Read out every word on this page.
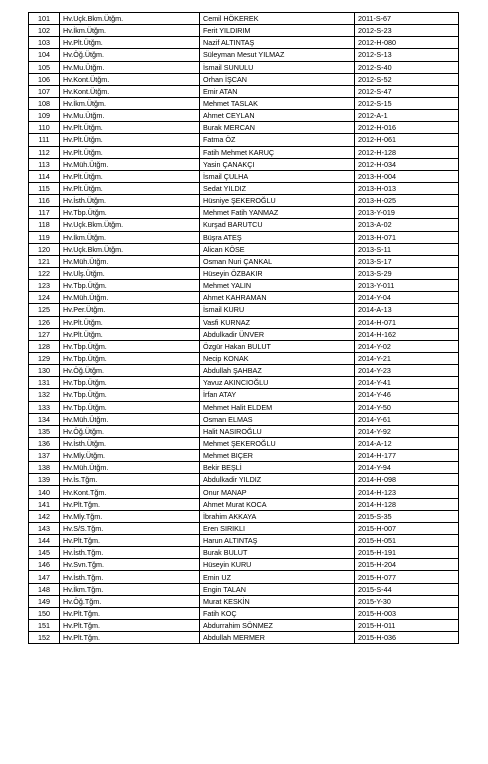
101	Hv.Uçk.Bkm.Ütğm.	Cemil HÖKEREK	2011-S-67
102	Hv.İkm.Ütğm.	Ferit YILDIRIM	2012-S-23
103	Hv.Plt.Ütğm.	Nazif ALTINTAŞ	2012-H-080
104	Hv.Öğ.Ütğm.	Süleyman Mesut YILMAZ	2012-S-13
105	Hv.Mu.Ütğm.	İsmail SUNULU	2012-S-40
106	Hv.Kont.Ütğm.	Orhan İŞCAN	2012-S-52
107	Hv.Kont.Ütğm.	Emir ATAN	2012-S-47
108	Hv.İkm.Ütğm.	Mehmet TASLAK	2012-S-15
109	Hv.Mu.Ütğm.	Ahmet CEYLAN	2012-A-1
110	Hv.Plt.Ütğm.	Burak MERCAN	2012-H-016
111	Hv.Plt.Ütğm.	Fatma ÖZ	2012-H-061
112	Hv.Plt.Ütğm.	Fatih Mehmet KARUÇ	2012-H-128
113	Hv.Müh.Ütğm.	Yasin ÇANAKÇI	2012-H-034
114	Hv.Plt.Ütğm.	İsmail ÇULHA	2013-H-004
115	Hv.Plt.Ütğm.	Sedat YILDIZ	2013-H-013
116	Hv.İsth.Ütğm.	Hüsniye ŞEKEROĞLU	2013-H-025
117	Hv.Tbp.Ütğm.	Mehmet Fatih YANMAZ	2013-Y-019
118	Hv.Uçk.Bkm.Ütğm.	Kurşad BARUTCU	2013-A-02
119	Hv.İkm.Ütğm.	Büşra ATEŞ	2013-H-071
120	Hv.Uçk.Bkm.Ütğm.	Alican KÖSE	2013-S-11
121	Hv.Müh.Ütğm.	Osman Nuri ÇANKAL	2013-S-17
122	Hv.Ulş.Ütğm.	Hüseyin ÖZBAKIR	2013-S-29
123	Hv.Tbp.Ütğm.	Mehmet YALIN	2013-Y-011
124	Hv.Müh.Ütğm.	Ahmet KAHRAMAN	2014-Y-04
125	Hv.Per.Ütğm.	İsmail KURU	2014-A-13
126	Hv.Plt.Ütğm.	Vasfi KURNAZ	2014-H-071
127	Hv.Plt.Ütğm.	Abdulkadir ÜNVER	2014-H-162
128	Hv.Tbp.Ütğm.	Özgür Hakan BULUT	2014-Y-02
129	Hv.Tbp.Ütğm.	Necip KONAK	2014-Y-21
130	Hv.Öğ.Ütğm.	Abdullah ŞAHBAZ	2014-Y-23
131	Hv.Tbp.Ütğm.	Yavuz AKINCIOĞLU	2014-Y-41
132	Hv.Tbp.Ütğm.	İrfan ATAY	2014-Y-46
133	Hv.Tbp.Ütğm.	Mehmet Halit ELDEM	2014-Y-50
134	Hv.Müh.Ütğm.	Osman ELMAS	2014-Y-61
135	Hv.Öğ.Ütğm.	Halit NASIROĞLU	2014-Y-92
136	Hv.İsth.Ütğm.	Mehmet ŞEKEROĞLU	2014-A-12
137	Hv.Mly.Ütğm.	Mehmet BIÇER	2014-H-177
138	Hv.Müh.Ütğm.	Bekir BEŞLİ	2014-Y-94
139	Hv.İs.Tğm.	Abdulkadir YILDIZ	2014-H-098
140	Hv.Kont.Tğm.	Onur MANAP	2014-H-123
141	Hv.Plt.Tğm.	Ahmet Murat KOCA	2014-H-128
142	Hv.Mly.Tğm.	İbrahim AKKAYA	2015-S-35
143	Hv.S/S.Tğm.	Eren SIRIKLI	2015-H-007
144	Hv.Plt.Tğm.	Harun ALTINTAŞ	2015-H-051
145	Hv.İsth.Tğm.	Burak BULUT	2015-H-191
146	Hv.Svn.Tğm.	Hüseyin KURU	2015-H-204
147	Hv.İsth.Tğm.	Emin UZ	2015-H-077
148	Hv.İkm.Tğm.	Engin TALAN	2015-S-44
149	Hv.Öğ.Tğm.	Murat KESKİN	2015-Y-30
150	Hv.Plt.Tğm.	Fatih KOÇ	2015-H-003
151	Hv.Plt.Tğm.	Abdurrahim SÖNMEZ	2015-H-011
152	Hv.Plt.Tğm.	Abdullah MERMER	2015-H-036
